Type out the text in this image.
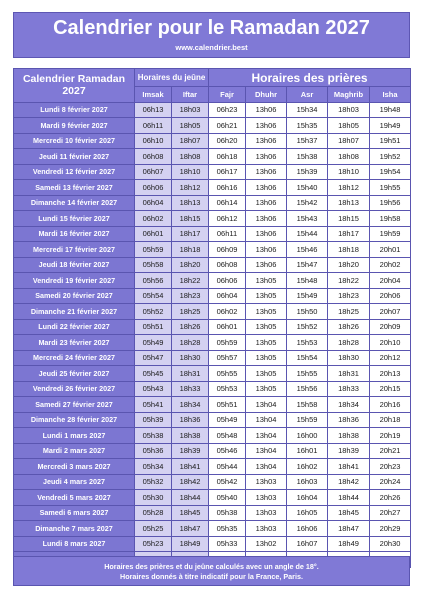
Calendrier pour le Ramadan 2027
www.calendrier.best
Calendrier Ramadan 2027	Horaires du jeûne		Horaires des prières				
	Imsak	Iftar	Fajr	Dhuhr	Asr	Maghrib	Isha
Lundi 8 février 2027	06h13	18h03	06h23	13h06	15h34	18h03	19h48
Mardi 9 février 2027	06h11	18h05	06h21	13h06	15h35	18h05	19h49
Mercredi 10 février 2027	06h10	18h07	06h20	13h06	15h37	18h07	19h51
Jeudi 11 février 2027	06h08	18h08	06h18	13h06	15h38	18h08	19h52
Vendredi 12 février 2027	06h07	18h10	06h17	13h06	15h39	18h10	19h54
Samedi 13 février 2027	06h06	18h12	06h16	13h06	15h40	18h12	19h55
Dimanche 14 février 2027	06h04	18h13	06h14	13h06	15h42	18h13	19h56
Lundi 15 février 2027	06h02	18h15	06h12	13h06	15h43	18h15	19h58
Mardi 16 février 2027	06h01	18h17	06h11	13h06	15h44	18h17	19h59
Mercredi 17 février 2027	05h59	18h18	06h09	13h06	15h46	18h18	20h01
Jeudi 18 février 2027	05h58	18h20	06h08	13h06	15h47	18h20	20h02
Vendredi 19 février 2027	05h56	18h22	06h06	13h05	15h48	18h22	20h04
Samedi 20 février 2027	05h54	18h23	06h04	13h05	15h49	18h23	20h06
Dimanche 21 février 2027	05h52	18h25	06h02	13h05	15h50	18h25	20h07
Lundi 22 février 2027	05h51	18h26	06h01	13h05	15h52	18h26	20h09
Mardi 23 février 2027	05h49	18h28	05h59	13h05	15h53	18h28	20h10
Mercredi 24 février 2027	05h47	18h30	05h57	13h05	15h54	18h30	20h12
Jeudi 25 février 2027	05h45	18h31	05h55	13h05	15h55	18h31	20h13
Vendredi 26 février 2027	05h43	18h33	05h53	13h05	15h56	18h33	20h15
Samedi 27 février 2027	05h41	18h34	05h51	13h04	15h58	18h34	20h16
Dimanche 28 février 2027	05h39	18h36	05h49	13h04	15h59	18h36	20h18
Lundi 1 mars 2027	05h38	18h38	05h48	13h04	16h00	18h38	20h19
Mardi 2 mars 2027	05h36	18h39	05h46	13h04	16h01	18h39	20h21
Mercredi 3 mars 2027	05h34	18h41	05h44	13h04	16h02	18h41	20h23
Jeudi 4 mars 2027	05h32	18h42	05h42	13h03	16h03	18h42	20h24
Vendredi 5 mars 2027	05h30	18h44	05h40	13h03	16h04	18h44	20h26
Samedi 6 mars 2027	05h28	18h45	05h38	13h03	16h05	18h45	20h27
Dimanche 7 mars 2027	05h25	18h47	05h35	13h03	16h06	18h47	20h29
Lundi 8 mars 2027	05h23	18h49	05h33	13h02	16h07	18h49	20h30

Horaires des prières et du jeûne calculés avec un angle de 18°.
Horaires donnés à titre indicatif pour la France, Paris.
